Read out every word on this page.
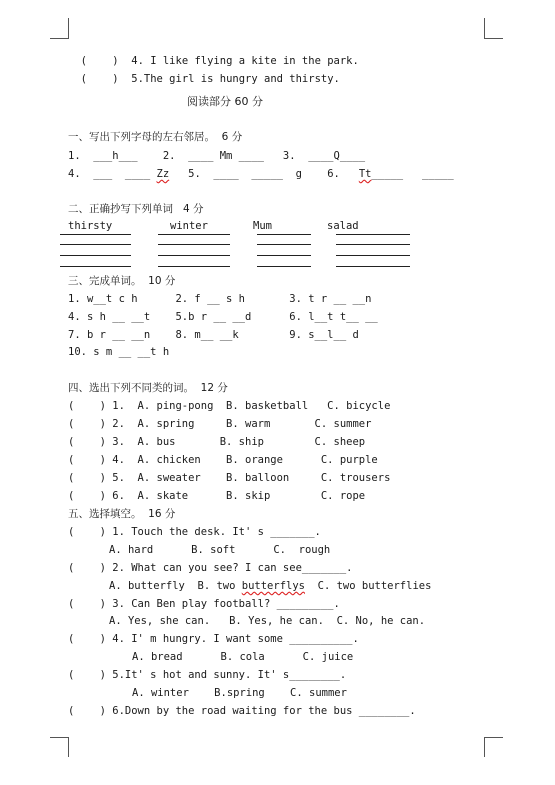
(    ) 4. I like flying a kite in the park.

(    ) 5.The girl is hungry and thirsty.

阅读部分 60 分
一、写出下列字母的左右邻居。  6 分
1.  ___h___    2.  ____ Mm ____   3.  ____Q____
4.  ___  ____ Zz   5.  ____  _____  g    6.   Tt_____   _____
二、正确抄写下列单词   4 分
thirsty	winter	Mum	salad
三、完成单词。  10 分
1. w__t c h      2. f __ s h       3. t r __ __n
4. s h __ __t    5.b r __ __d      6. l__t t__ __
7. b r __ __n    8. m__ __k        9. s__l__ d
10. s m __ __t h
四、选出下列不同类的词。  12 分
(    ) 1.  A. ping-pong  B. basketball   C. bicycle
(    ) 2.  A. spring     B. warm       C. summer
(    ) 3.  A. bus       B. ship        C. sheep
(    ) 4.  A. chicken    B. orange      C. purple
(    ) 5.  A. sweater    B. balloon     C. trousers
(    ) 6.  A. skate      B. skip        C. rope
五、选择填空。  16 分
(    ) 1. Touch the desk. It' s _______.
A. hard      B. soft      C.  rough
(    ) 2. What can you see? I can see_______.
A. butterfly  B. two butterflys  C. two butterflies
(    ) 3. Can Ben play football? _________.
A. Yes, she can.   B. Yes, he can.  C. No, he can.
(    ) 4. I' m hungry. I want some __________.
A. bread      B. cola      C. juice
(    ) 5.It' s hot and sunny. It' s________.
A. winter    B.spring    C. summer
(    ) 6.Down by the road waiting for the bus ________.
